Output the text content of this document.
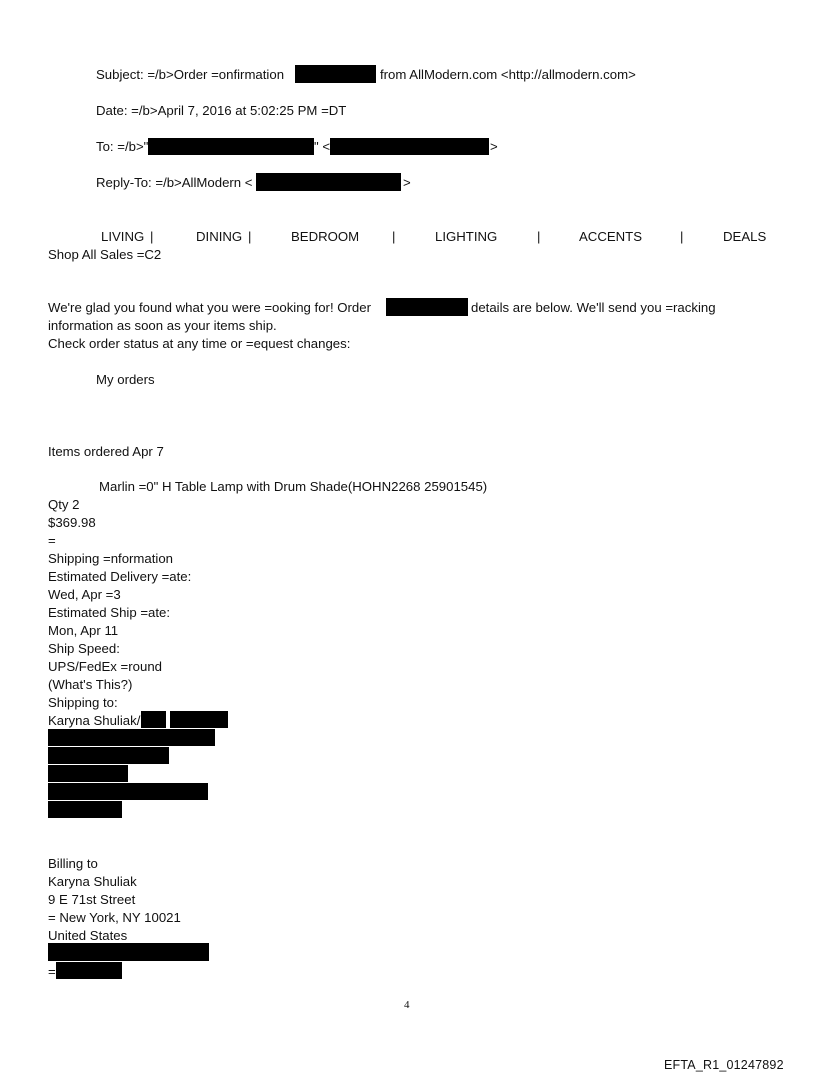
Subject: =/b>Order =onfirmation	from AllModern.com <http://allmodern.com>
Date: =/b>April 7, 2016 at 5:02:25 PM =DT
To: =/b>"	" <	>
Reply-To: =/b>AllModern <	>
LIVING |	DINING |	BEDROOM |	LIGHTING	|	ACCENTS	|	DEALS
Shop All Sales =C2
We're glad you found what you were =ooking for! Order	details are below. We'll send you =racking
information as soon as your items ship.
Check order status at any time or =equest changes:
My orders
Items ordered Apr 7
Marlin =0" H Table Lamp with Drum Shade(HOHN2268 25901545)
Qty 2
$369.98
=
Shipping =nformation
Estimated Delivery =ate:
Wed, Apr =3
Estimated Ship =ate:
Mon, Apr 11
Ship Speed:
UPS/FedEx =round
(What's This?)
Shipping to:
Karyna Shuliak/
Billing to
Karyna Shuliak
9 E 71st Street
= New York, NY 10021
United States
=
4
EFTA_R1_01247892
